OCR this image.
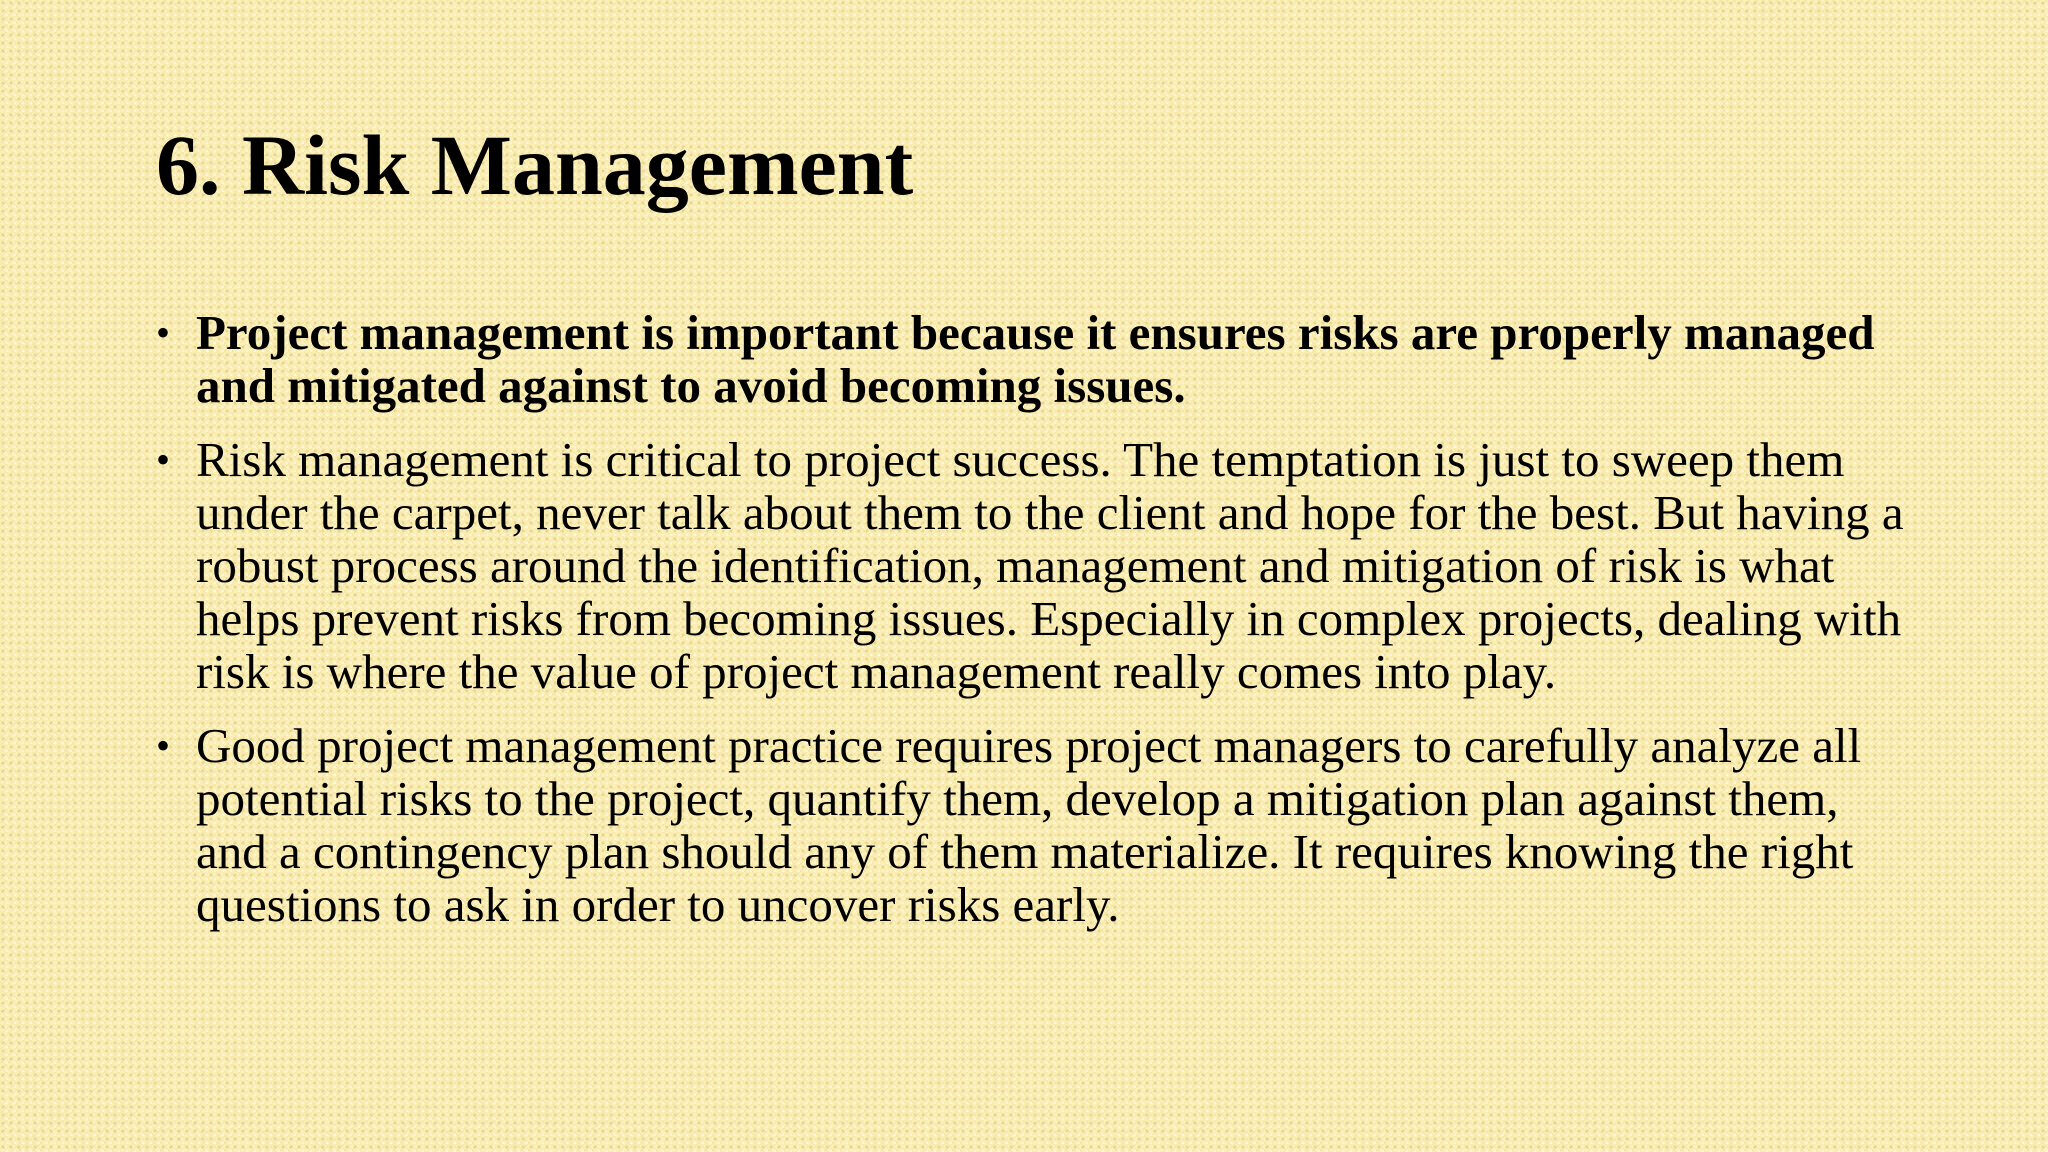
6. Risk Management
• Project management is important because it ensures risks are properly managed and mitigated against to avoid becoming issues.
• Risk management is critical to project success. The temptation is just to sweep them under the carpet, never talk about them to the client and hope for the best. But having a robust process around the identification, management and mitigation of risk is what helps prevent risks from becoming issues. Especially in complex projects, dealing with risk is where the value of project management really comes into play.
• Good project management practice requires project managers to carefully analyze all potential risks to the project, quantify them, develop a mitigation plan against them, and a contingency plan should any of them materialize. It requires knowing the right questions to ask in order to uncover risks early.
